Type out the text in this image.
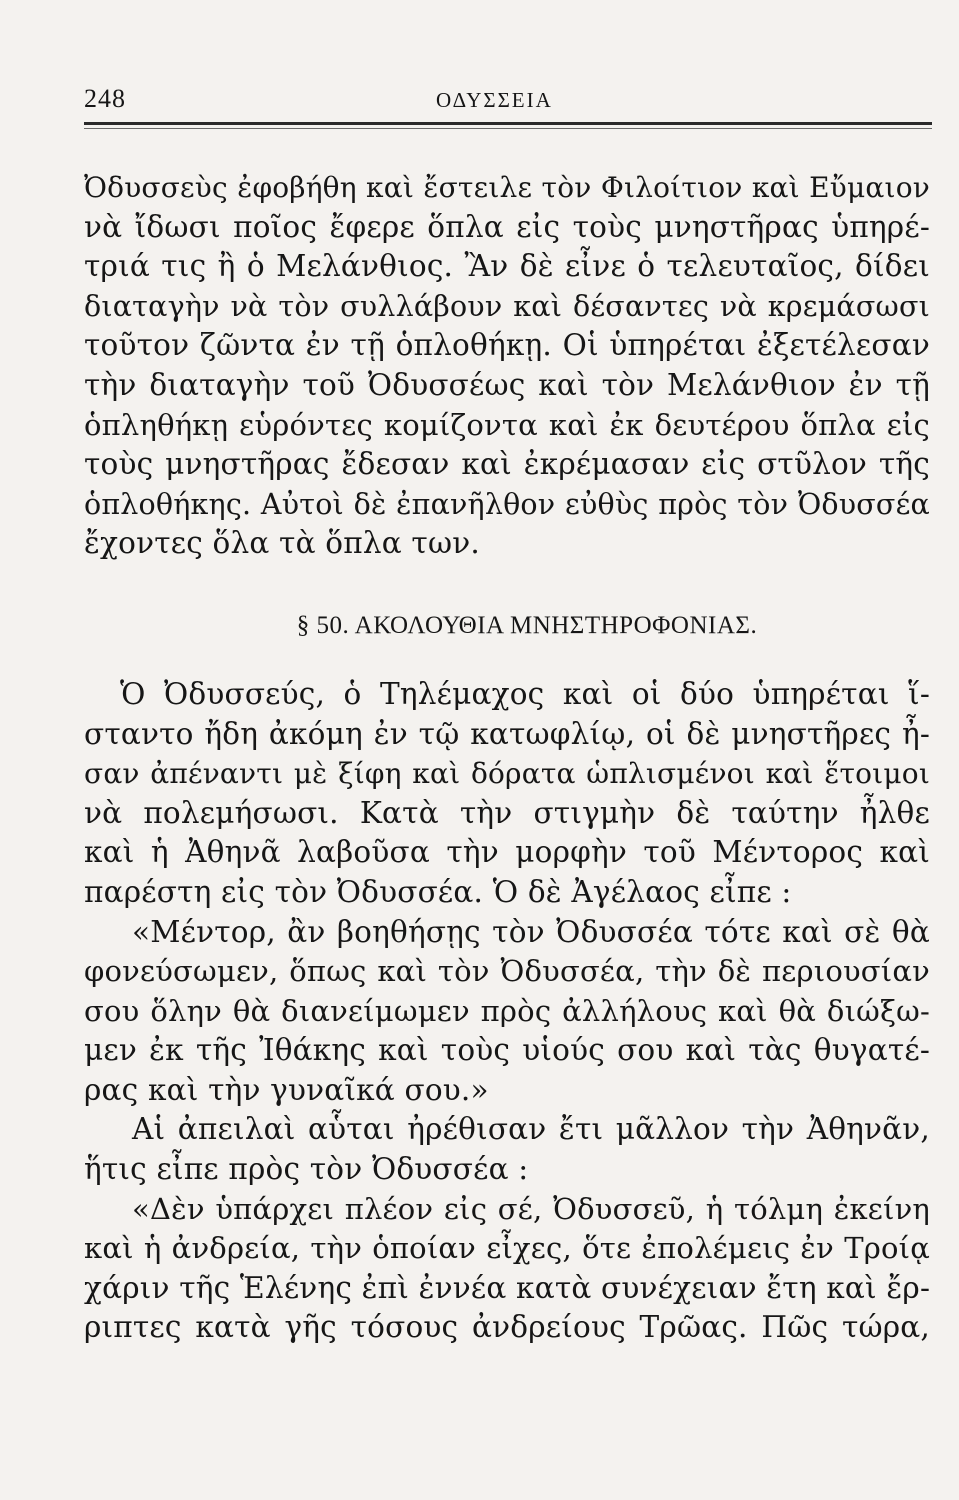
248	ΟΔΥΣΣΕΙΑ

Ὀδυσσεὺς ἐφοβήθη καὶ ἔστειλε τὸν Φιλοίτιον καὶ Εὔμαιον
νὰ ἴδωσι ποῖος ἔφερε ὅπλα εἰς τοὺς μνηστῆρας ὑπηρέ-
τριά τις ἢ ὁ Μελάνθιος. Ἂν δὲ εἶνε ὁ τελευταῖος, δίδει
διαταγὴν νὰ τὸν συλλάβουν καὶ δέσαντες νὰ κρεμάσωσι
τοῦτον ζῶντα ἐν τῇ ὁπλοθήκῃ. Οἱ ὑπηρέται ἐξετέλεσαν
τὴν διαταγὴν τοῦ Ὀδυσσέως καὶ τὸν Μελάνθιον ἐν τῇ
ὁπληθήκῃ εὑρόντες κομίζοντα καὶ ἐκ δευτέρου ὅπλα εἰς
τοὺς μνηστῆρας ἔδεσαν καὶ ἐκρέμασαν εἰς στῦλον τῆς
ὁπλοθήκης. Αὐτοὶ δὲ ἐπανῆλθον εὐθὺς πρὸς τὸν Ὀδυσσέα
ἔχοντες ὅλα τὰ ὅπλα των.

§ 50. ΑΚΟΛΟΥΘΙΑ ΜΝΗΣΤΗΡΟΦΟΝΙΑΣ.

Ὁ Ὀδυσσεύς, ὁ Τηλέμαχος καὶ οἱ δύο ὑπηρέται ἵ-
σταντο ἤδη ἀκόμη ἐν τῷ κατωφλίῳ, οἱ δὲ μνηστῆρες ἦ-
σαν ἀπέναντι μὲ ξίφη καὶ δόρατα ὡπλισμένοι καὶ ἕτοιμοι
νὰ πολεμήσωσι. Κατὰ τὴν στιγμὴν δὲ ταύτην ἦλθε
καὶ ἡ Ἀθηνᾶ λαβοῦσα τὴν μορφὴν τοῦ Μέντορος καὶ
παρέστη εἰς τὸν Ὀδυσσέα. Ὁ δὲ Ἀγέλαος εἶπε :

«Μέντορ, ἂν βοηθήσῃς τὸν Ὀδυσσέα τότε καὶ σὲ θὰ
φονεύσωμεν, ὅπως καὶ τὸν Ὀδυσσέα, τὴν δὲ περιουσίαν
σου ὅλην θὰ διανείμωμεν πρὸς ἀλλήλους καὶ θὰ διώξω-
μεν ἐκ τῆς Ἰθάκης καὶ τοὺς υἱούς σου καὶ τὰς θυγατέ-
ρας καὶ τὴν γυναῖκά σου.»

Αἱ ἀπειλαὶ αὗται ἠρέθισαν ἔτι μᾶλλον τὴν Ἀθηνᾶν,
ἥτις εἶπε πρὸς τὸν Ὀδυσσέα :

«Δὲν ὑπάρχει πλέον εἰς σέ, Ὀδυσσεῦ, ἡ τόλμη ἐκείνη
καὶ ἡ ἀνδρεία, τὴν ὁποίαν εἶχες, ὅτε ἐπολέμεις ἐν Τροίᾳ
χάριν τῆς Ἑλένης ἐπὶ ἐννέα κατὰ συνέχειαν ἔτη καὶ ἔρ-
ριπτες κατὰ γῆς τόσους ἀνδρείους Τρῶας. Πῶς τώρα,
